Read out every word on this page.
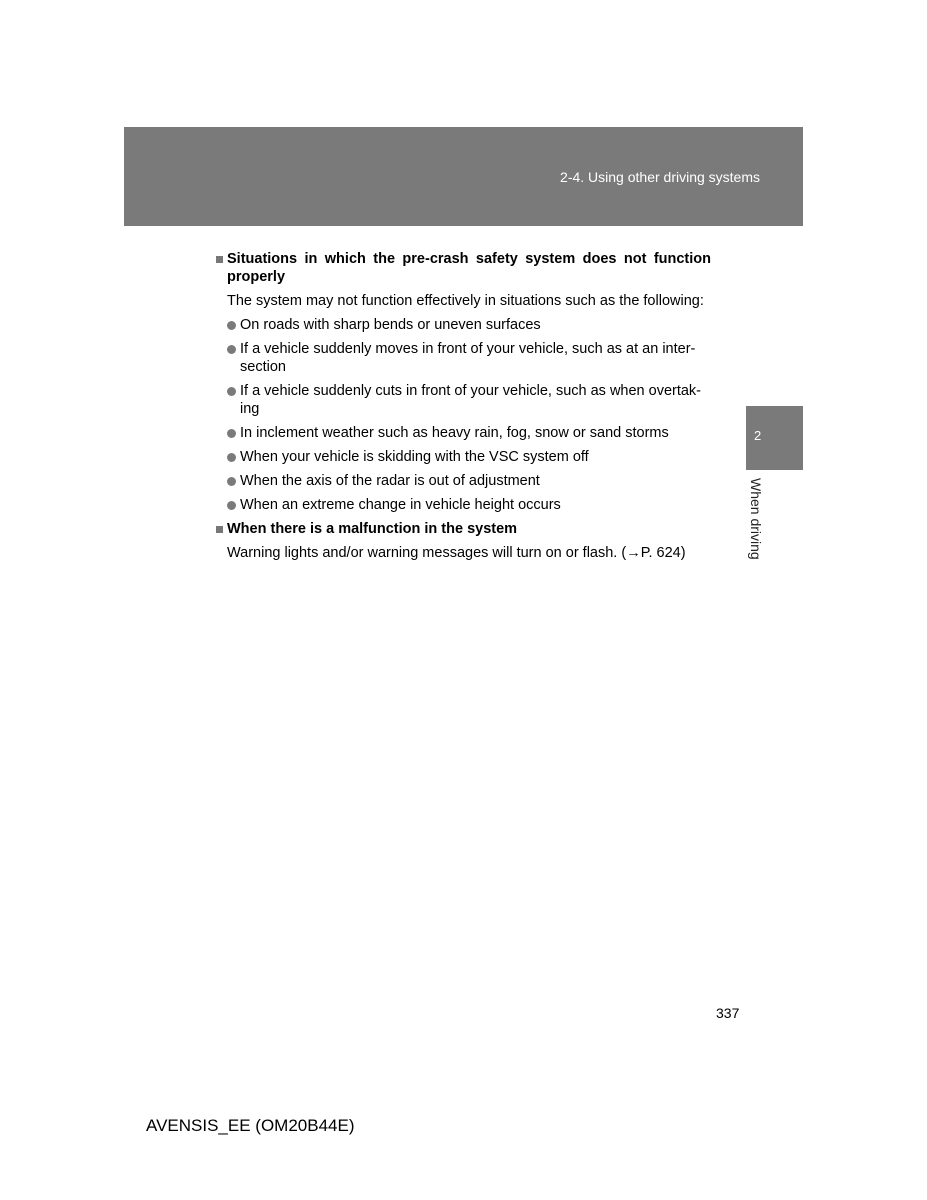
2-4. Using other driving systems
2
When driving
Situations in which the pre-crash safety system does not function properly
The system may not function effectively in situations such as the following:
On roads with sharp bends or uneven surfaces
If a vehicle suddenly moves in front of your vehicle, such as at an inter-section
If a vehicle suddenly cuts in front of your vehicle, such as when overtak-ing
In inclement weather such as heavy rain, fog, snow or sand storms
When your vehicle is skidding with the VSC system off
When the axis of the radar is out of adjustment
When an extreme change in vehicle height occurs
When there is a malfunction in the system
Warning lights and/or warning messages will turn on or flash. (→P. 624)
337
AVENSIS_EE (OM20B44E)
